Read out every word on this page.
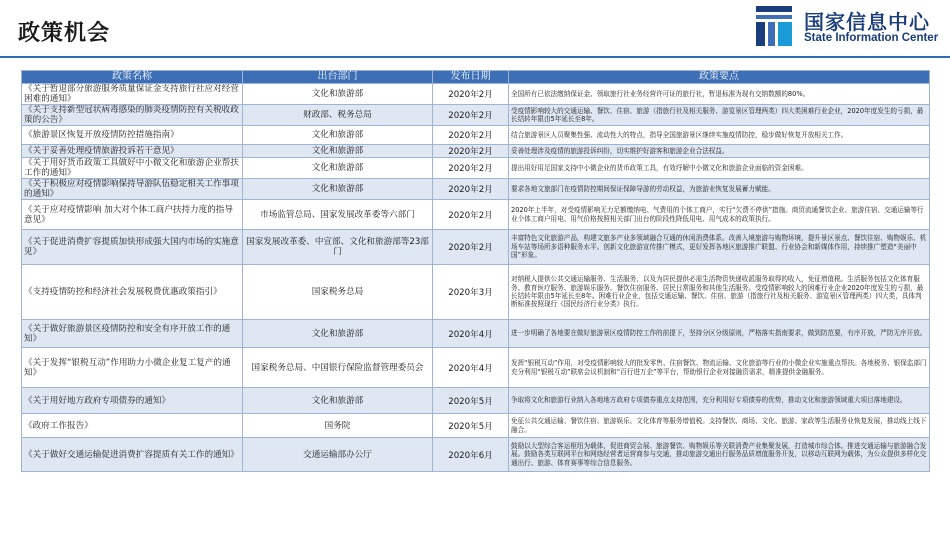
政策机会	国家信息中心
State Information Center
政策名称	出台部门	发布日期	政策要点
《关于暂退部分旅游服务质量保证金支持旅行社应对经营困难的通知》	文化和旅游部	2020年2月	全国所有已依法缴纳保证金、领取旅行社业务经营许可证的旅行社，暂退标准为现有交纳数额的80%。
《关于支持新型冠状病毒感染的肺炎疫情防控有关税收政策的公告》	财政部、税务总局	2020年2月	受疫情影响较大的交通运输、餐饮、住宿、旅游（指旅行社及相关服务、游览景区管理两类）四大类困难行业企业，2020年度发生的亏损，最长结转年限由5年延长至8年。
《旅游景区恢复开放疫情防控措施指南》	文化和旅游部	2020年2月	结合旅游景区人员聚集性强、流动性大的特点，指导全国旅游景区继续实施疫情防控，稳步做好恢复开放相关工作。
《关于妥善处理疫情旅游投诉若干意见》	文化和旅游部	2020年2月	妥善处理涉及疫情的旅游投诉纠纷，切实维护好游客和旅游企业合法权益。
《关于用好货币政策工具做好中小微文化和旅游企业帮扶工作的通知》	文化和旅游部	2020年2月	提出用好用足国家支持中小微企业的货币政策工具，有效纾解中小微文化和旅游企业面临的资金困难。
《关于积极应对疫情影响保持导游队伍稳定相关工作事项的通知》	文化和旅游部	2020年2月	要求各地文旅部门在疫情防控期间保证保障导游的劳动权益，为旅游业恢复发展蓄力赋能。
《关于应对疫情影响 加大对个体工商户扶持力度的指导意见》	市场监管总局、国家发展改革委等六部门	2020年2月	2020年上半年，对受疫情影响无力足额缴纳电、气费用的个体工商户，实行“欠费不停供”措施。商贸流通餐饮企业、旅游住宿、交通运输等行业个体工商户用电、用气价格按照相关部门出台的阶段性降低用电、用气成本的政策执行。
《关于促进消费扩容提质加快形成强大国内市场的实施意见》	国家发展改革委、中宣部、文化和旅游部等23部门	2020年2月	丰富特色文化旅游产品，构建文旅多产业多领域融合互通的休闲消费体系。改善入境旅游与购物环境，提升景区景点、餐饮住宿、购物娱乐、机场车站等场所多语种服务水平。创新文化旅游宣传推广模式，更好发挥各地区旅游推广联盟、行业协会和新媒体作用，持续推广塑造“美丽中国”形象。
《支持疫情防控和经济社会发展税费优惠政策指引》	国家税务总局	2020年3月	对纳税人提供公共交通运输服务、生活服务，以及为居民提供必需生活物资快递收派服务取得的收入，免征增值税。生活服务包括文化体育服务、教育医疗服务、旅游娱乐服务、餐饮住宿服务、居民日常服务和其他生活服务。受疫情影响较大的困难行业企业2020年度发生的亏损，最长结转年限由5年延长至8年。困难行业企业，包括交通运输、餐饮、住宿、旅游（指旅行社及相关服务、游览景区管理两类）四大类，具体判断标准按照现行《国民经济行业分类》执行。
《关于做好旅游景区疫情防控和安全有序开放工作的通知》	文化和旅游部	2020年4月	进一步明确了各地要在做好旅游景区疫情防控工作的前提下，坚持分区分级原则，严格落实指南要求，做到防范要，有序开放，严防无序开放。
《关于发挥“银税互动”作用助力小微企业复工复产的通知》	国家税务总局、中国银行保险监督管理委员会	2020年4月	发挥“银税互动”作用，对受疫情影响较大的批发零售、住宿餐饮、物流运输、文化旅游等行业的小微企业实施重点帮扶。各地税务、银保监部门充分利用“银税互动”联席会议机制和“百行进万企”等平台，帮助银行企业对接融资需求，精准提供金融服务。
《关于用好地方政府专项债券的通知》	文化和旅游部	2020年5月	争取将文化和旅游行业纳入各地地方政府专项债券重点支持范围，充分利用好专项债券的优势，推动文化和旅游领域重大项目落地建设。
《政府工作报告》	国务院	2020年5月	免征公共交通运输、餐饮住宿、旅游娱乐、文化体育等服务增值税。支持餐饮、商场、文化、旅游、家政等生活服务业恢复发展，推动线上线下融合。
《关于做好交通运输促进消费扩容提质有关工作的通知》	交通运输部办公厅	2020年6月	鼓励以大型综合客运枢纽为载体，促进商贸会展、旅游餐饮、购物娱乐等关联消费产业集聚发展，打造城市综合体。推进交通运输与旅游融合发展。鼓励各类互联网平台和网络经营者运营商参与交通，推动旅游交通出行服务品质增值服务开发，以移动互联网为载体，为公众提供多样化交通出行、旅游、体育赛事等综合信息服务。
